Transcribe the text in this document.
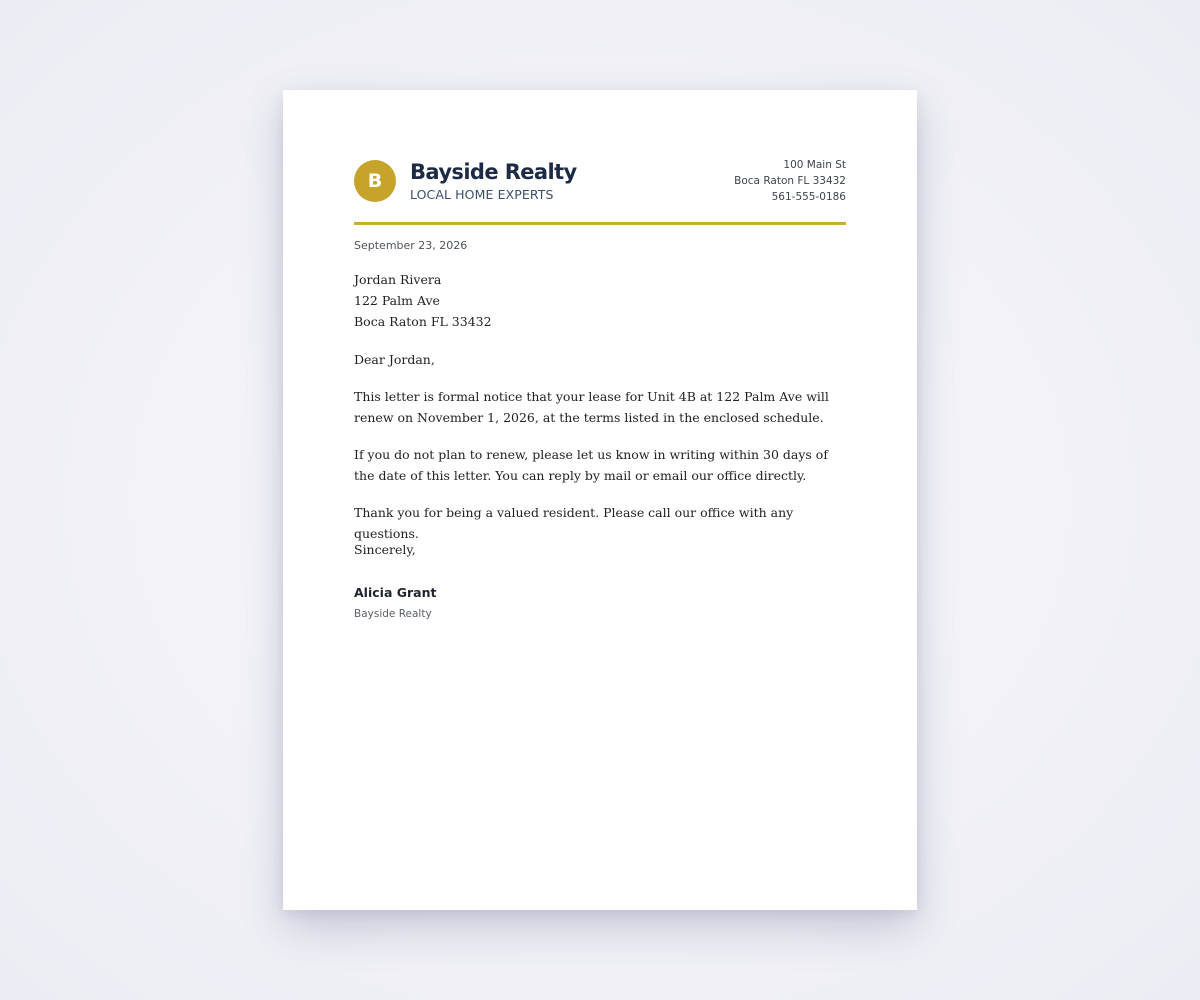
B	Bayside Realty
LOCAL HOME EXPERTS
100 Main St
Boca Raton FL 33432
561-555-0186
September 23, 2026
Jordan Rivera
122 Palm Ave
Boca Raton FL 33432

Dear Jordan,

This letter is formal notice that your lease for Unit 4B at 122 Palm Ave will renew on November 1, 2026, at the terms listed in the enclosed schedule.

If you do not plan to renew, please let us know in writing within 30 days of the date of this letter. You can reply by mail or email our office directly.

Thank you for being a valued resident. Please call our office with any questions.

Sincerely,

Alicia Grant
Bayside Realty
